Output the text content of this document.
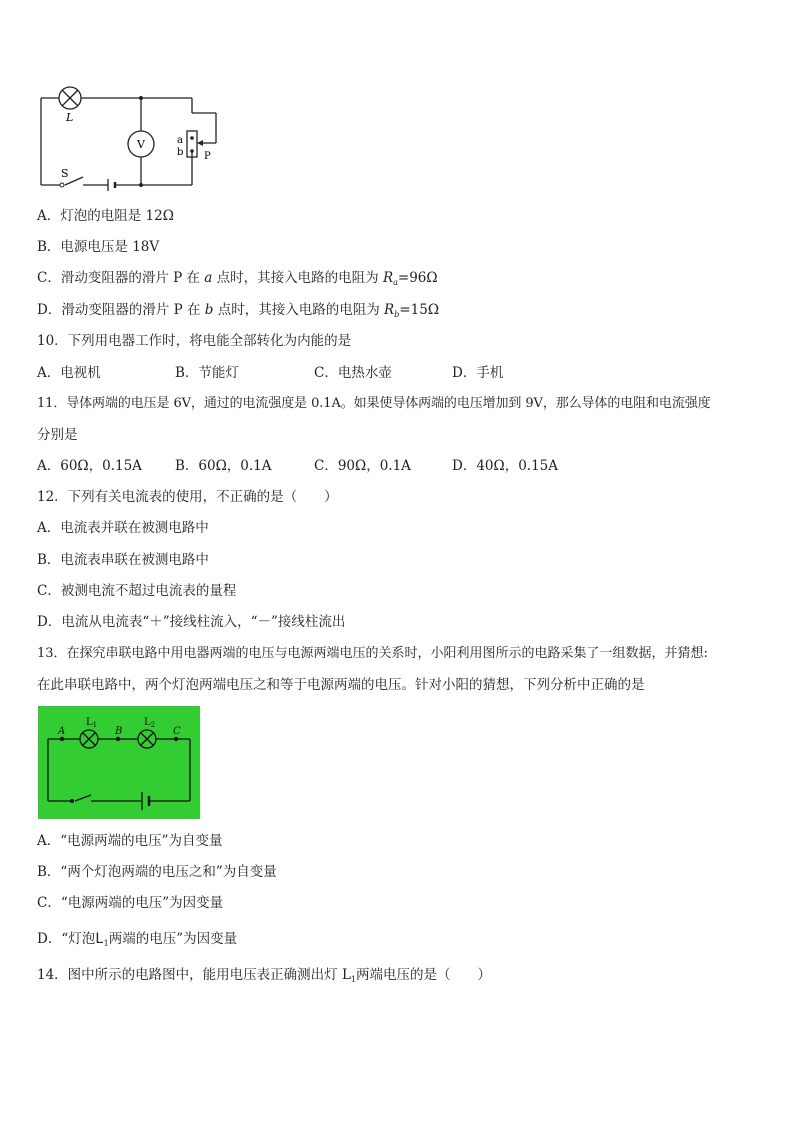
L
V	a
b P
S
A．灯泡的电阻是 12Ω
B．电源电压是 18V
C．滑动变阻器的滑片 P 在 a 点时，其接入电路的电阻为 $R_a=96\Omega$
D．滑动变阻器的滑片 P 在 b 点时，其接入电路的电阻为 $R_b=15\Omega$
10．下列用电器工作时，将电能全部转化为内能的是
A．电视机	B．节能灯	C．电热水壶	D．手机
11．导体两端的电压是 6V，通过的电流强度是 0.1A。如果使导体两端的电压增加到 9V，那么导体的电阻和电流强度
分别是
A．60Ω，0.15A B．60Ω，0.1A	C．90Ω，0.1A	D．40Ω，0.15A
12．下列有关电流表的使用，不正确的是（　　）
A．电流表并联在被测电路中
B．电流表串联在被测电路中
C．被测电流不超过电流表的量程
D．电流从电流表“＋”接线柱流入，“－”接线柱流出
13．在探究串联电路中用电器两端的电压与电源两端电压的关系时，小阳利用图所示的电路采集了一组数据，并猜想:
在此串联电路中，两个灯泡两端电压之和等于电源两端的电压。针对小阳的猜想，下列分析中正确的是
A	B	C
$L_1$	$L_2$
A．“电源两端的电压”为自变量
B．“两个灯泡两端的电压之和”为自变量
C．“电源两端的电压”为因变量
D．“灯泡$L_1$两端的电压”为因变量
14．图中所示的电路图中，能用电压表正确测出灯 $L_1$两端电压的是（　　）
